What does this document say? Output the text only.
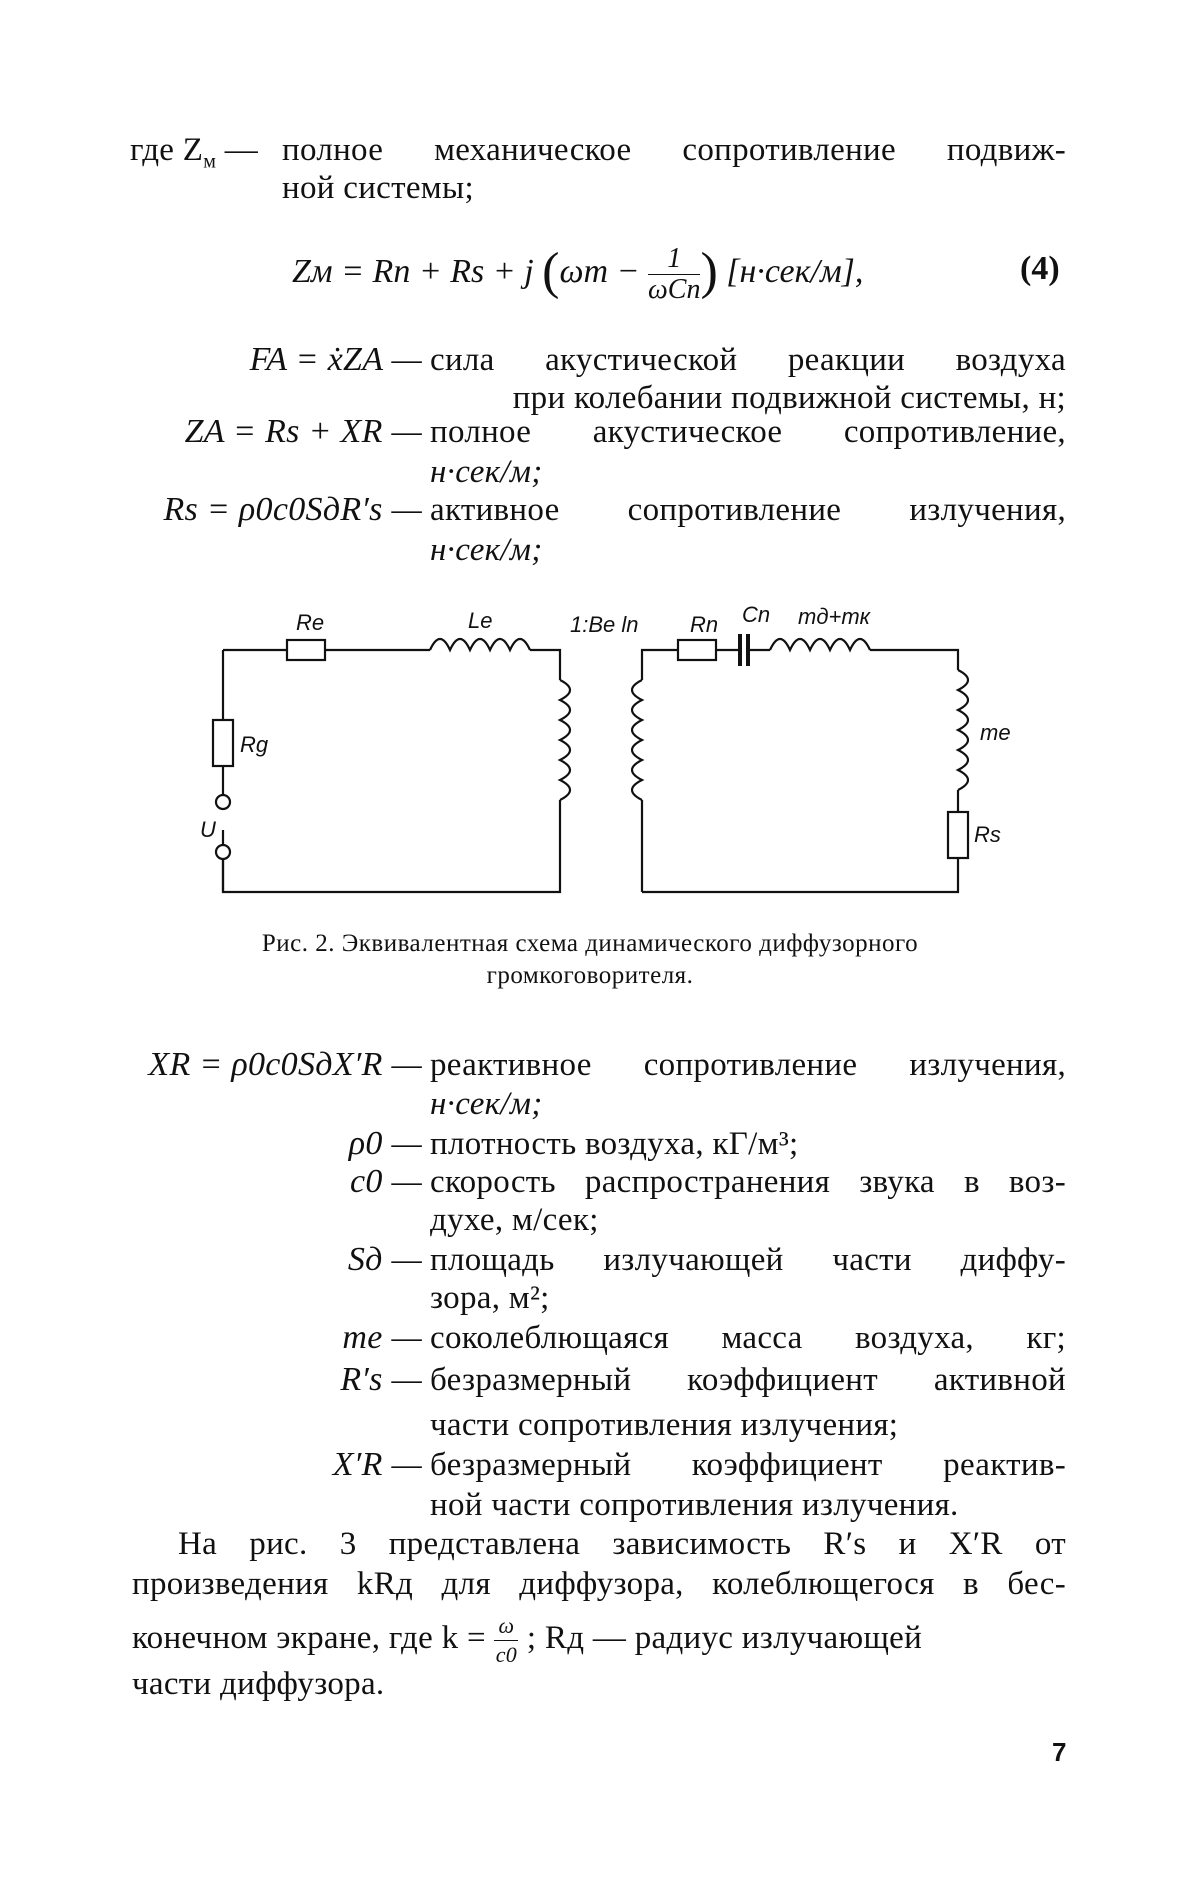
где $Z_м$ — полное механическое сопротивление подвиж-
ной системы;
Zм = Rп + Rs + j (ωm − 1
ωCп ) [н·сек/м],	(4)
FA = ẋZA — сила акустической реакции воздуха
при колебании подвижной системы, н;
ZA = Rs + XR — полное акустическое сопротивление,
н·сек/м;
Rs = ρ0c0SдR′s — активное сопротивление излучения,
н·сек/м;
Re	Le	1:Be ln Rn Cn mд+mк
Rg
U
me
Rs
Рис. 2. Эквивалентная схема динамического диффузорного
громкоговорителя.
XR = ρ0c0SдX′R — реактивное сопротивление излучения,
н·сек/м;
ρ0 — плотность воздуха, кГ/м³;
c0 — скорость распространения звука в воз-
духе, м/сек;
Sд — площадь излучающей части диффу-
зора, м²;
me — соколеблющаяся масса воздуха, кг;
R′s — безразмерный коэффициент активной
части сопротивления излучения;
X′R — безразмерный коэффициент реактив-
ной части сопротивления излучения.
На рис. 3 представлена зависимость R′s и X′R от
произведения kRд для диффузора, колеблющегося в бес-
конечном экране, где $k = \frac{\omega}{c0}$ ; Rд — радиус излучающей
части диффузора.
7
